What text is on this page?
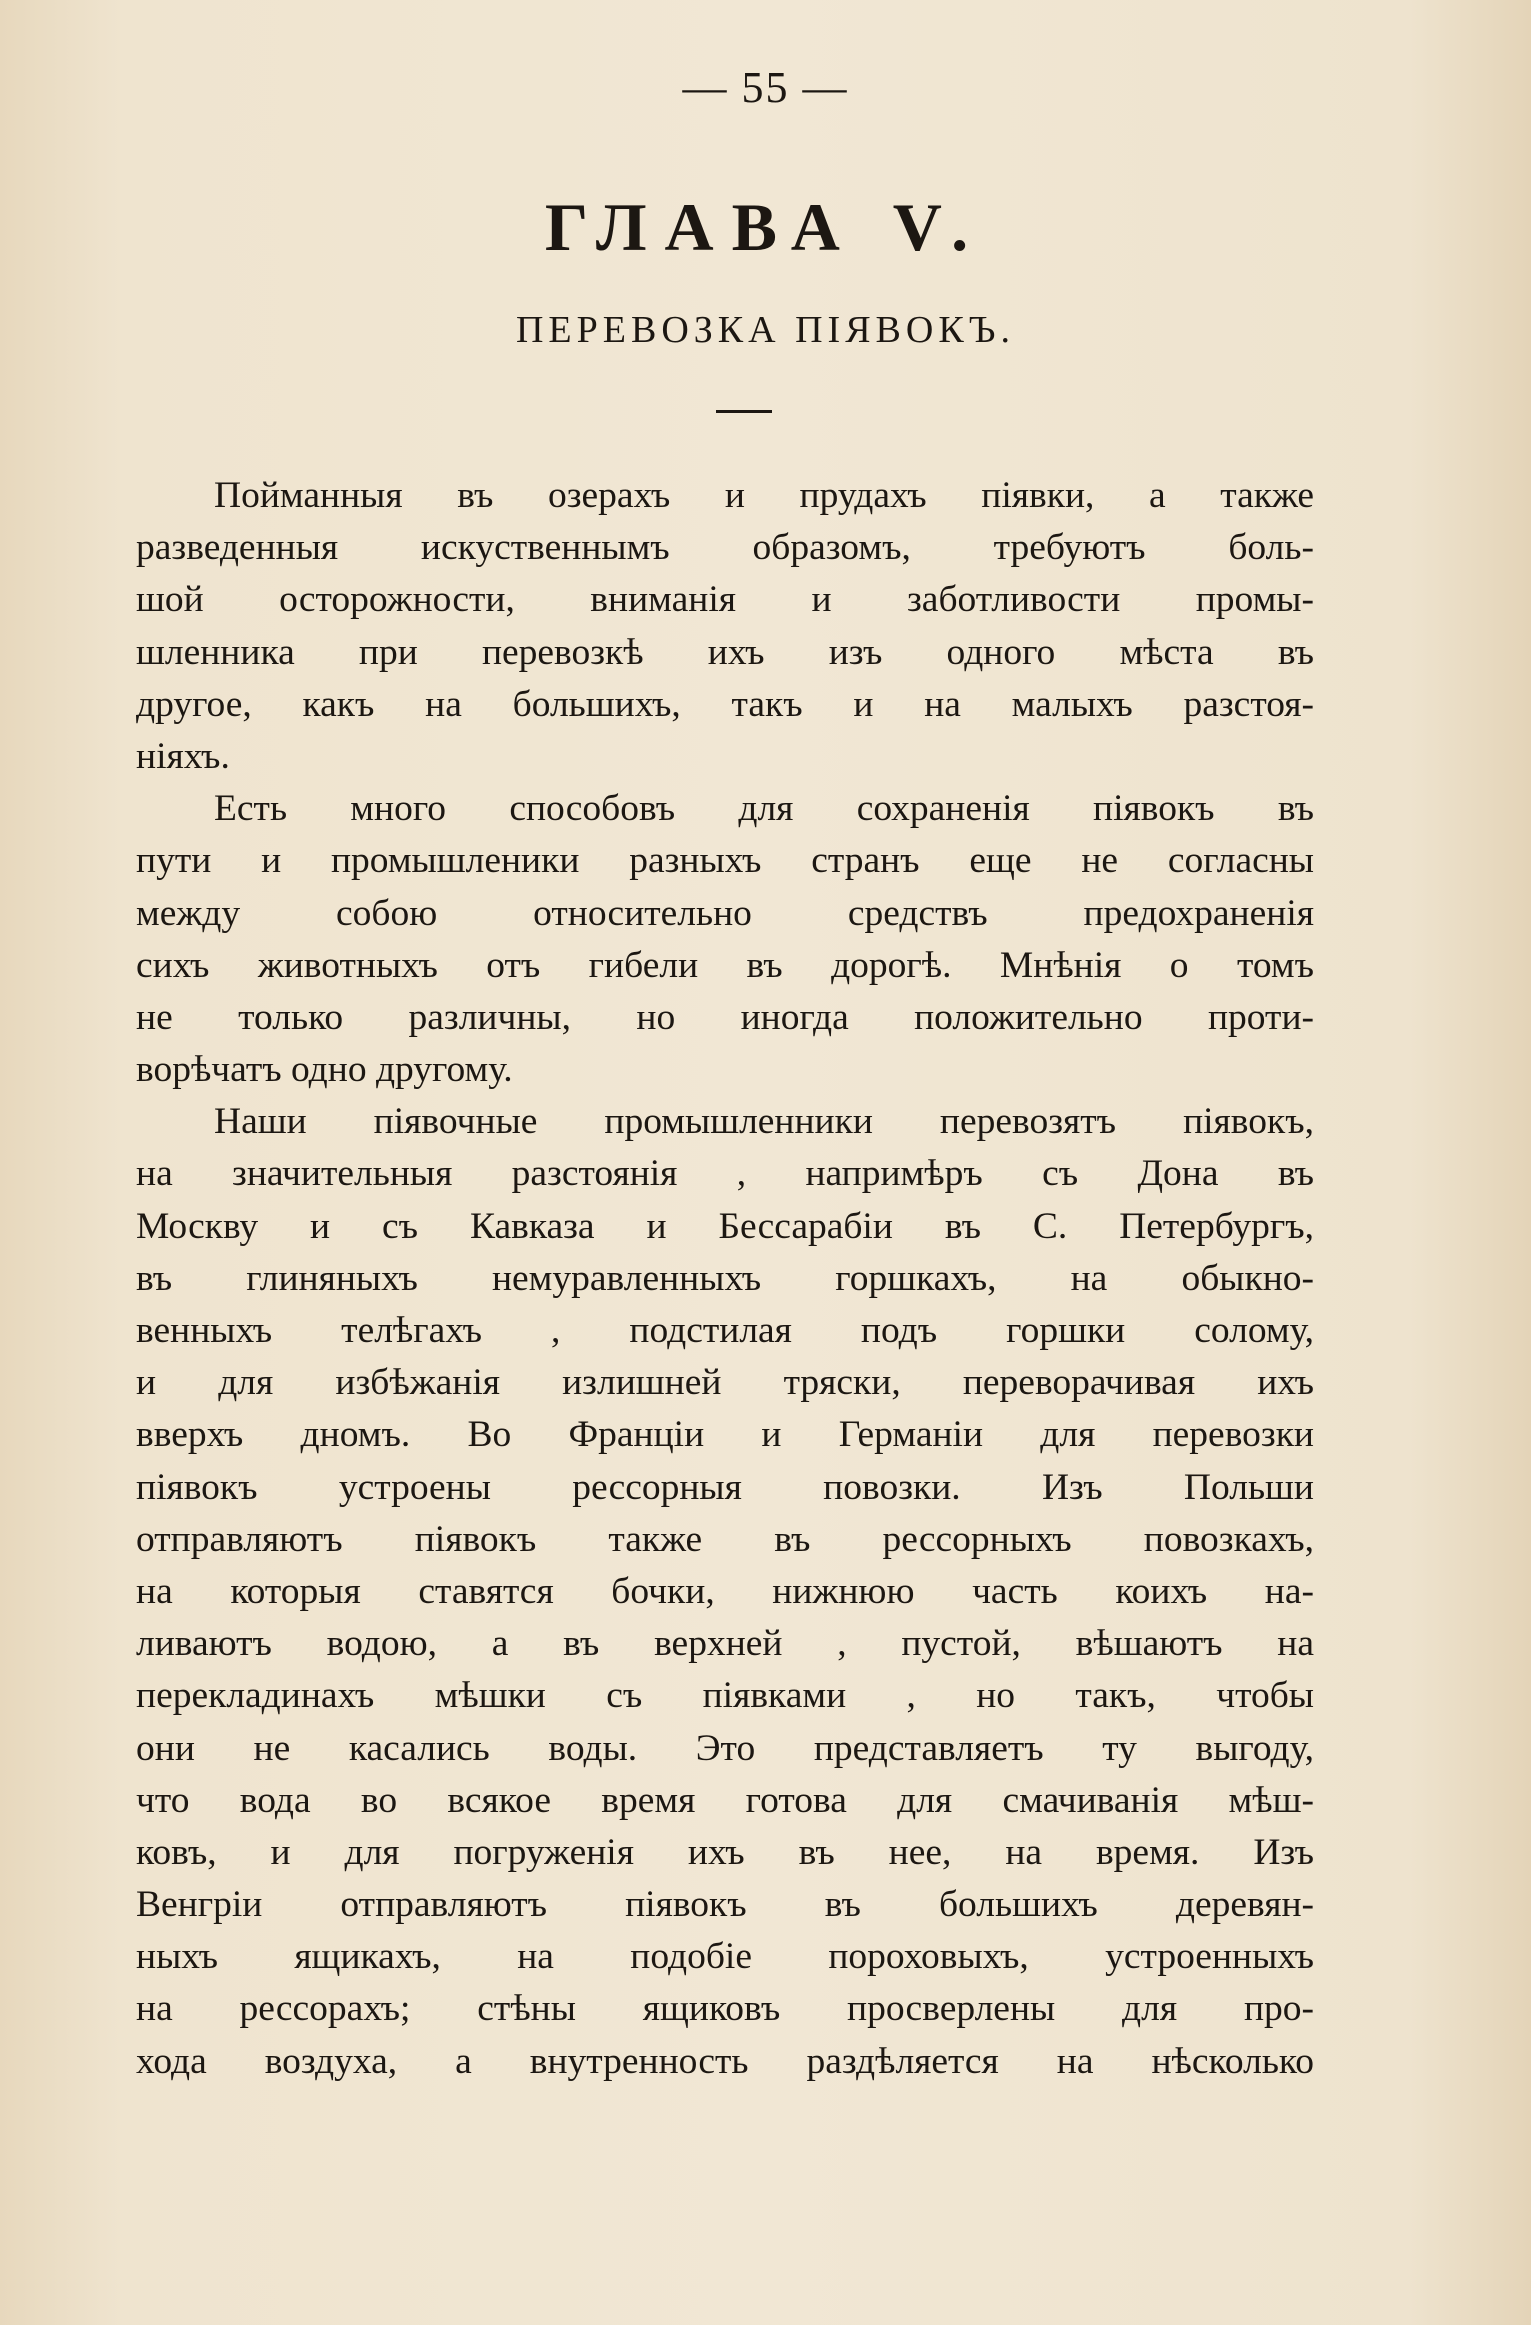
— 55 —
ГЛАВА V.
ПЕРЕВОЗКА ПІЯВОКЪ.
Пойманныя въ озерахъ и прудахъ піявки, а также
разведенныя искуственнымъ образомъ, требуютъ боль-
шой осторожности, вниманія и заботливости промы-
шленника при перевозкѣ ихъ изъ одного мѣста въ
другое, какъ на большихъ, такъ и на малыхъ разстоя-
ніяхъ.
Есть много способовъ для сохраненія піявокъ въ
пути и промышленики разныхъ странъ еще не согласны
между собою относительно средствъ предохраненія
сихъ животныхъ отъ гибели въ дорогѣ. Мнѣнія о томъ
не только различны, но иногда положительно проти-
ворѣчатъ одно другому.
Наши піявочные промышленники перевозятъ піявокъ,
на значительныя разстоянія , напримѣръ съ Дона въ
Москву и съ Кавказа и Бессарабіи въ С. Петербургъ,
въ глиняныхъ немуравленныхъ горшкахъ, на обыкно-
венныхъ телѣгахъ , подстилая подъ горшки солому,
и для избѣжанія излишней тряски, переворачивая ихъ
вверхъ дномъ. Во Франціи и Германіи для перевозки
піявокъ устроены рессорныя повозки. Изъ Польши
отправляютъ піявокъ также въ рессорныхъ повозкахъ,
на которыя ставятся бочки, нижнюю часть коихъ на-
ливаютъ водою, а въ верхней , пустой, вѣшаютъ на
перекладинахъ мѣшки съ піявками , но такъ, чтобы
они не касались воды. Это представляетъ ту выгоду,
что вода во всякое время готова для смачиванія мѣш-
ковъ, и для погруженія ихъ въ нее, на время. Изъ
Венгріи отправляютъ піявокъ въ большихъ деревян-
ныхъ ящикахъ, на подобіе пороховыхъ, устроенныхъ
на рессорахъ; стѣны ящиковъ просверлены для про-
хода воздуха, а внутренность раздѣляется на нѣсколько
